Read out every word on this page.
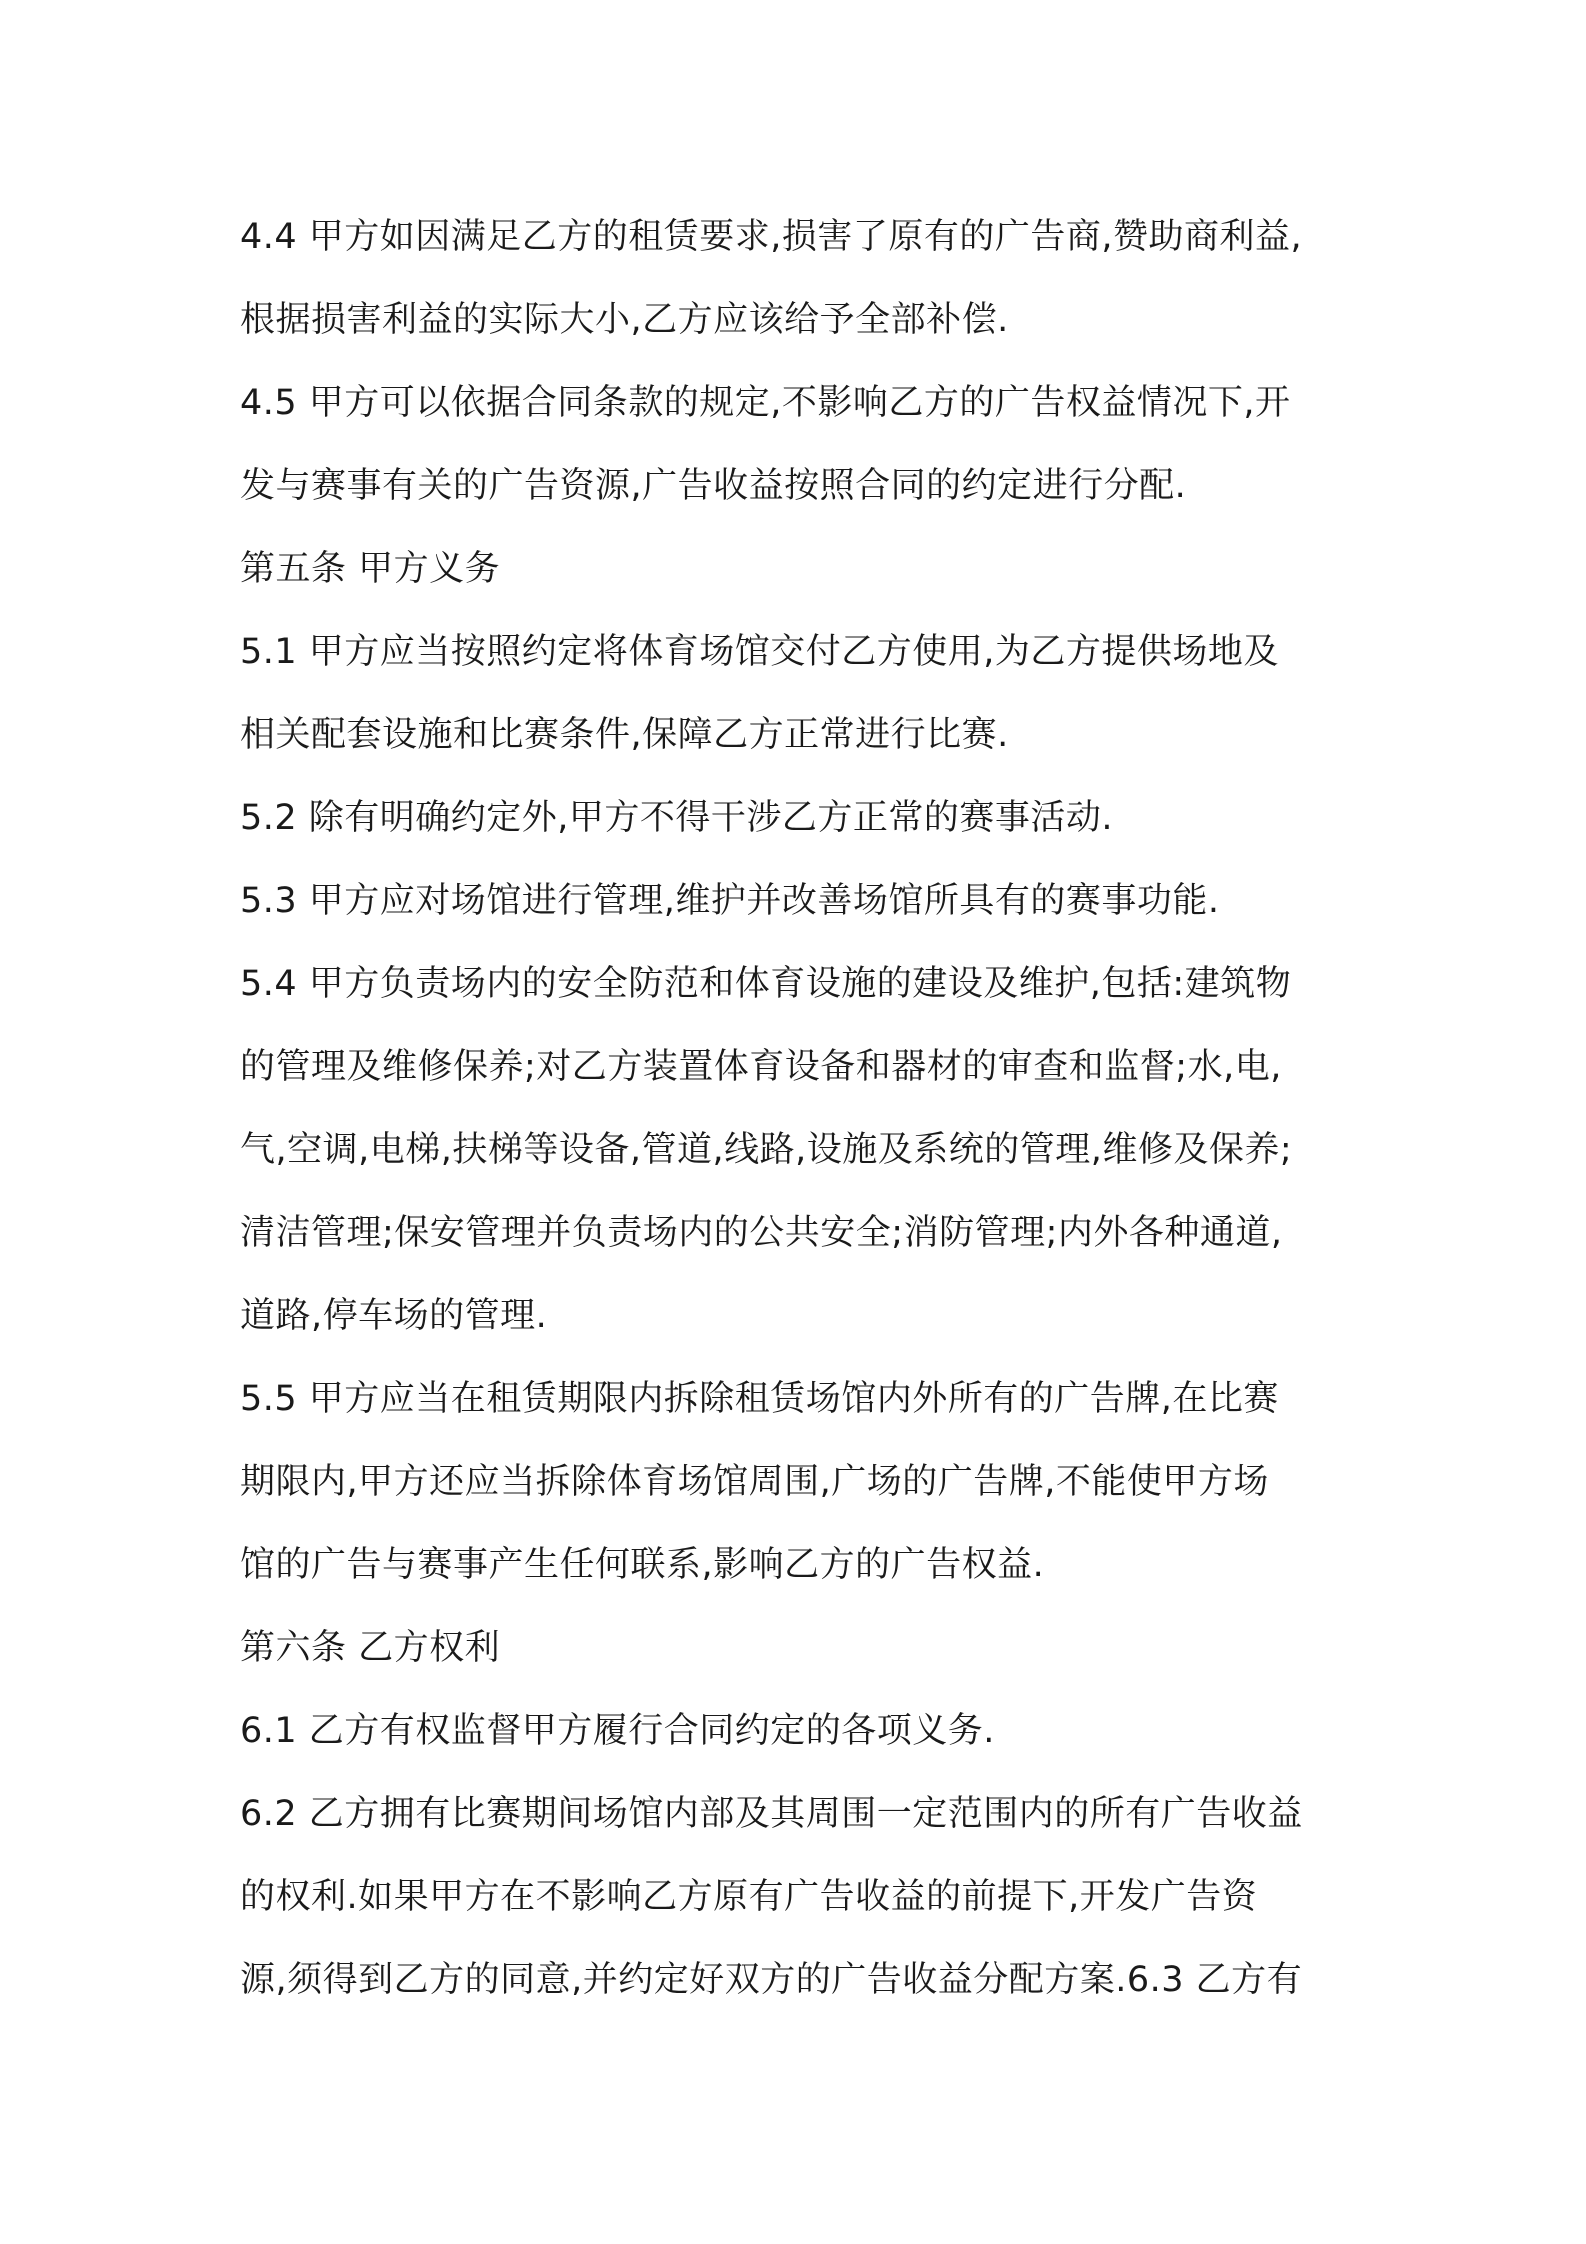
4.4 甲方如因满足乙方的租赁要求,损害了原有的广告商,赞助商利益,
根据损害利益的实际大小,乙方应该给予全部补偿.
4.5 甲方可以依据合同条款的规定,不影响乙方的广告权益情况下,开
发与赛事有关的广告资源,广告收益按照合同的约定进行分配.
第五条 甲方义务
5.1 甲方应当按照约定将体育场馆交付乙方使用,为乙方提供场地及
相关配套设施和比赛条件,保障乙方正常进行比赛.
5.2 除有明确约定外,甲方不得干涉乙方正常的赛事活动.
5.3 甲方应对场馆进行管理,维护并改善场馆所具有的赛事功能.
5.4 甲方负责场内的安全防范和体育设施的建设及维护,包括:建筑物
的管理及维修保养;对乙方装置体育设备和器材的审查和监督;水,电,
气,空调,电梯,扶梯等设备,管道,线路,设施及系统的管理,维修及保养;
清洁管理;保安管理并负责场内的公共安全;消防管理;内外各种通道,
道路,停车场的管理.
5.5 甲方应当在租赁期限内拆除租赁场馆内外所有的广告牌,在比赛
期限内,甲方还应当拆除体育场馆周围,广场的广告牌,不能使甲方场
馆的广告与赛事产生任何联系,影响乙方的广告权益.
第六条 乙方权利
6.1 乙方有权监督甲方履行合同约定的各项义务.
6.2 乙方拥有比赛期间场馆内部及其周围一定范围内的所有广告收益
的权利.如果甲方在不影响乙方原有广告收益的前提下,开发广告资
源,须得到乙方的同意,并约定好双方的广告收益分配方案.6.3 乙方有
